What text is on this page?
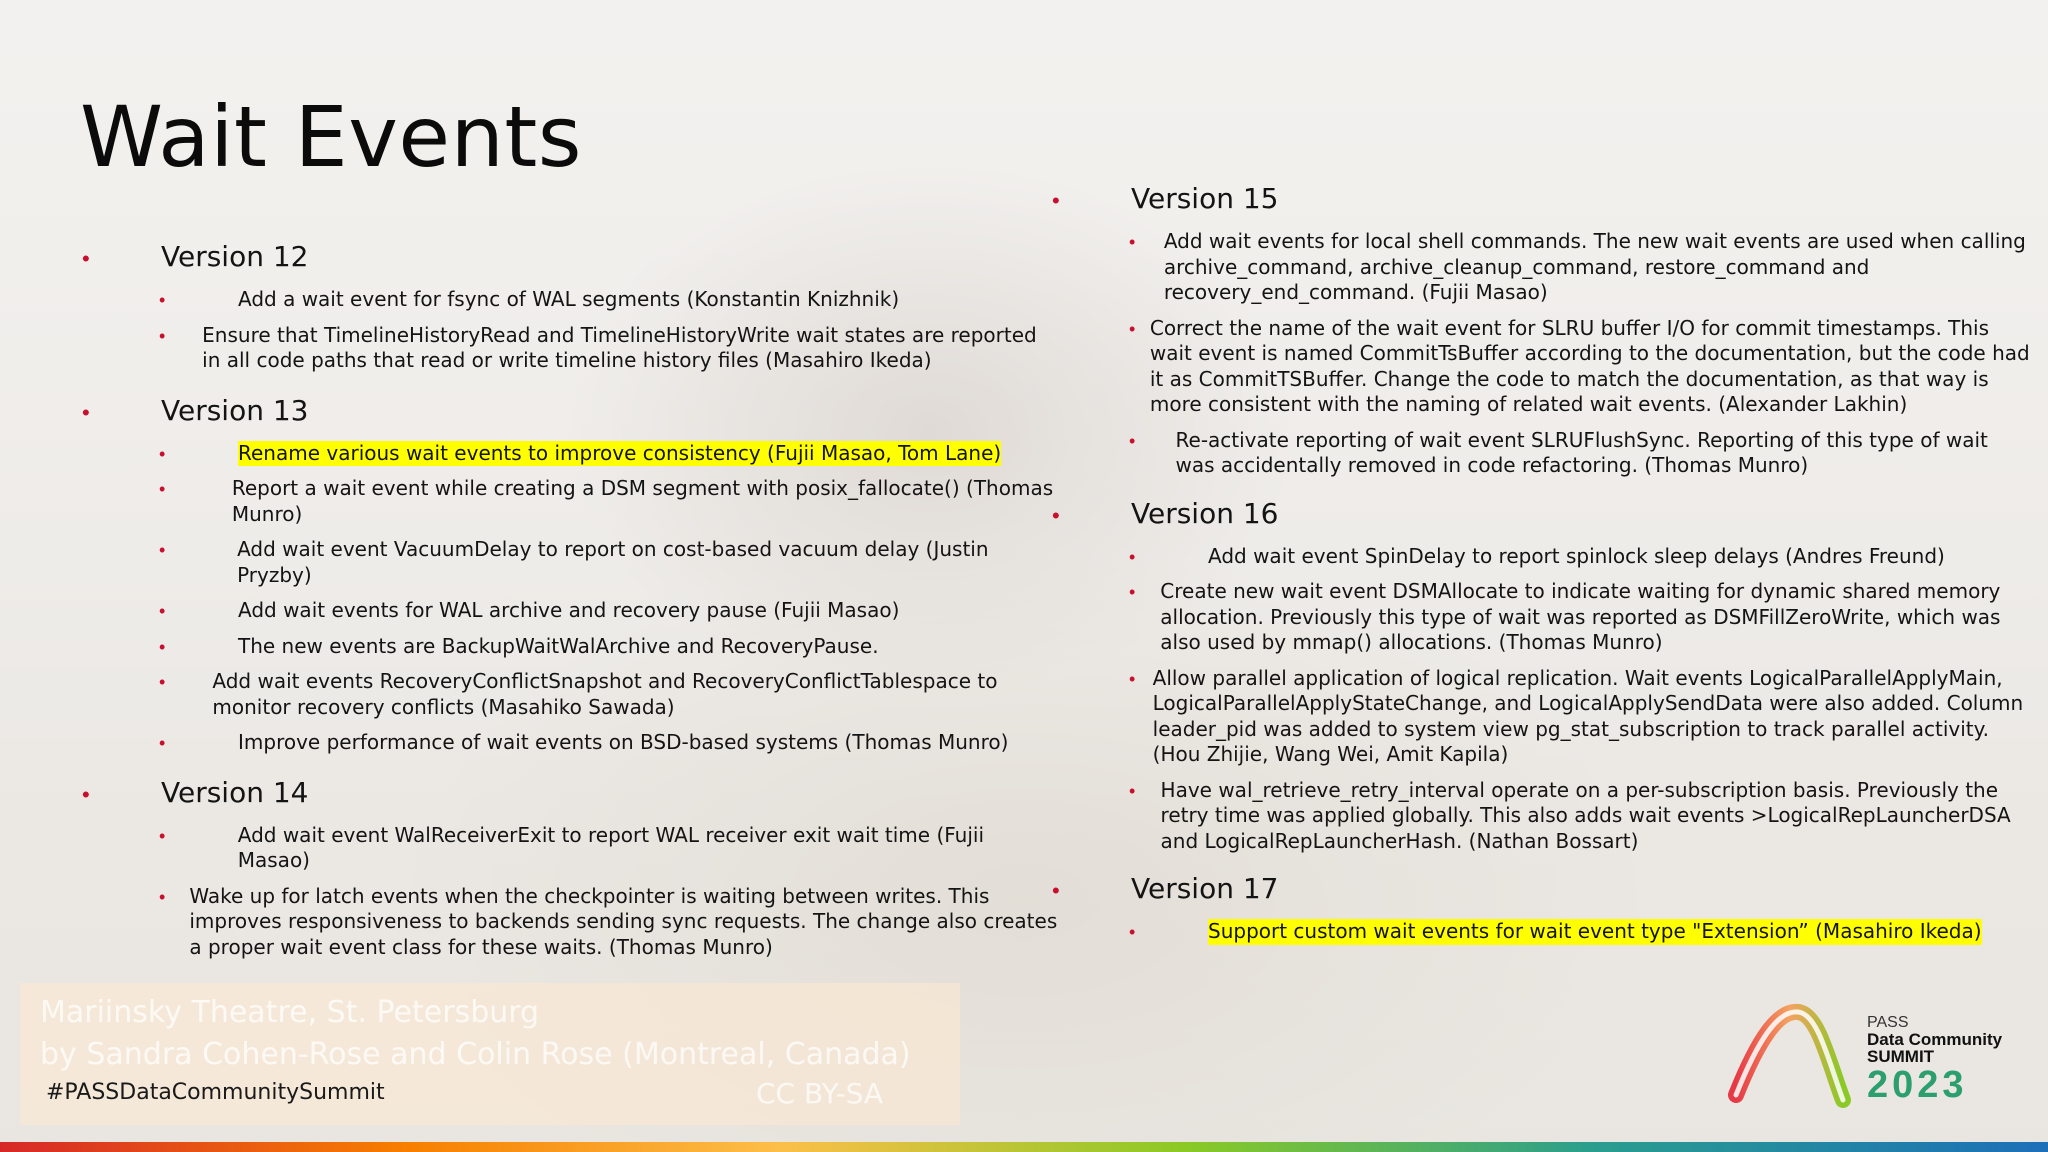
Wait Events
•	Version 12
•	Add a wait event for fsync of WAL segments (Konstantin Knizhnik)
•	Ensure that TimelineHistoryRead and TimelineHistoryWrite wait states are reported in all code paths that read or write timeline history files (Masahiro Ikeda)
•	Version 13
•	Rename various wait events to improve consistency (Fujii Masao, Tom Lane)
•	Report a wait event while creating a DSM segment with posix_fallocate() (Thomas Munro)
•	Add wait event VacuumDelay to report on cost-based vacuum delay (Justin Pryzby)
•	Add wait events for WAL archive and recovery pause (Fujii Masao)
•	The new events are BackupWaitWalArchive and RecoveryPause.
•	Add wait events RecoveryConflictSnapshot and RecoveryConflictTablespace to monitor recovery conflicts (Masahiko Sawada)
•	Improve performance of wait events on BSD-based systems (Thomas Munro)
•	Version 14
•	Add wait event WalReceiverExit to report WAL receiver exit wait time (Fujii Masao)
•	Wake up for latch events when the checkpointer is waiting between writes. This improves responsiveness to backends sending sync requests. The change also creates a proper wait event class for these waits. (Thomas Munro)
•	Version 15
•	Add wait events for local shell commands. The new wait events are used when calling archive_command, archive_cleanup_command, restore_command and recovery_end_command. (Fujii Masao)
• Correct the name of the wait event for SLRU buffer I/O for commit timestamps. This wait event is named CommitTsBuffer according to the documentation, but the code had it as CommitTSBuffer. Change the code to match the documentation, as that way is more consistent with the naming of related wait events. (Alexander Lakhin)
•	Re-activate reporting of wait event SLRUFlushSync. Reporting of this type of wait was accidentally removed in code refactoring. (Thomas Munro)
•	Version 16
•	Add wait event SpinDelay to report spinlock sleep delays (Andres Freund)
•	Create new wait event DSMAllocate to indicate waiting for dynamic shared memory allocation. Previously this type of wait was reported as DSMFillZeroWrite, which was also used by mmap() allocations. (Thomas Munro)
• Allow parallel application of logical replication. Wait events LogicalParallelApplyMain, LogicalParallelApplyStateChange, and LogicalApplySendData were also added. Column leader_pid was added to system view pg_stat_subscription to track parallel activity. (Hou Zhijie, Wang Wei, Amit Kapila)
•	Have wal_retrieve_retry_interval operate on a per-subscription basis. Previously the retry time was applied globally. This also adds wait events >LogicalRepLauncherDSA and LogicalRepLauncherHash. (Nathan Bossart)
•	Version 17
•	Support custom wait events for wait event type "Extension” (Masahiro Ikeda)
Mariinsky Theatre, St. Petersburg
by Sandra Cohen-Rose and Colin Rose (Montreal, Canada)
#PASSDataCommunitySummit	CC BY-SA
PASS
Data Community
SUMMIT
2023
